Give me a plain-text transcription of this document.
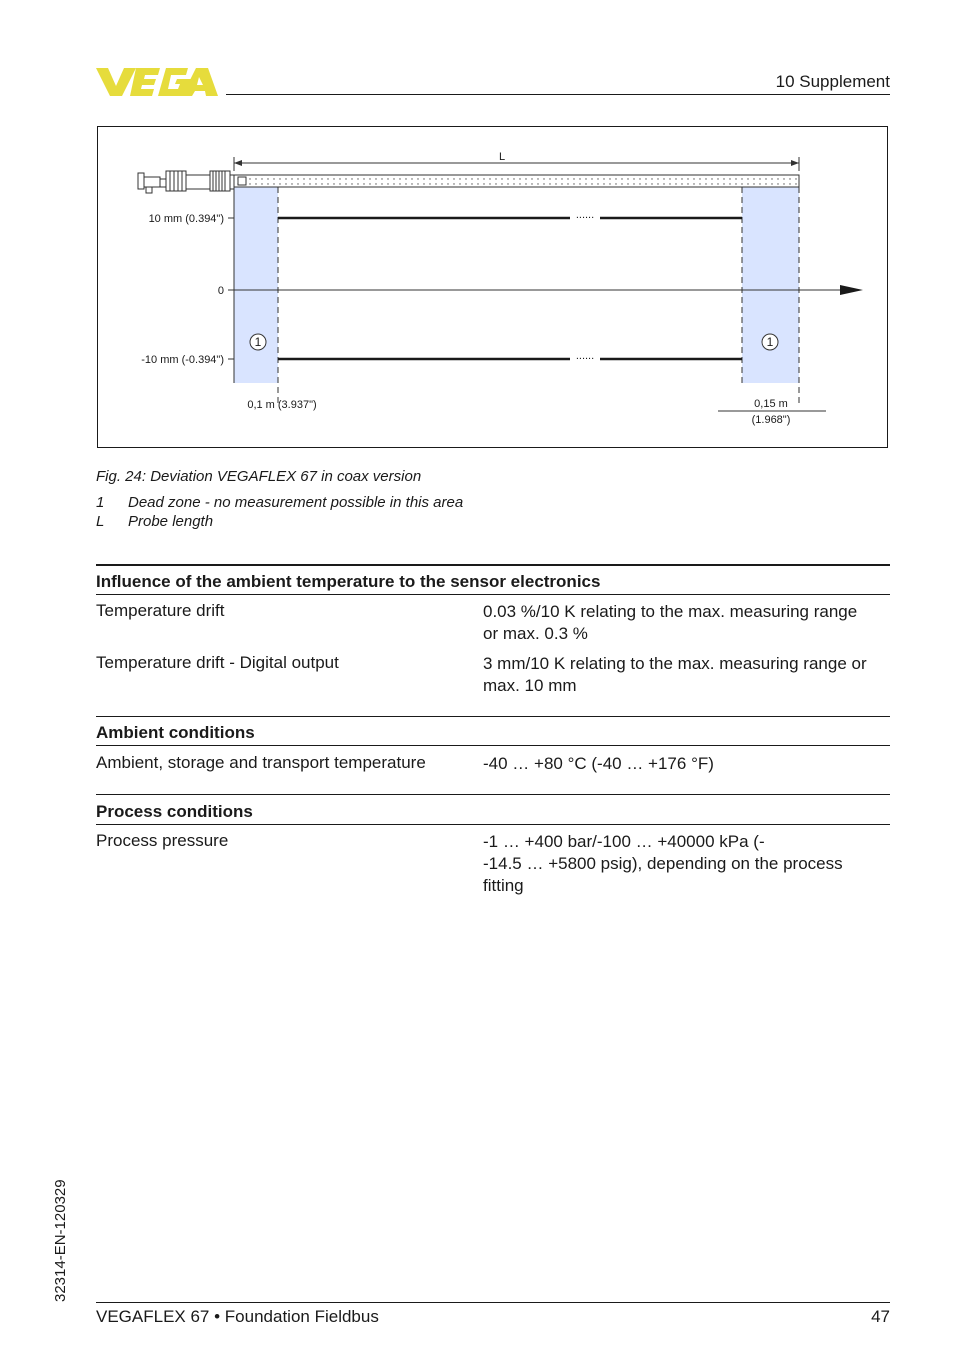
10 Supplement
L
......
......
10 mm (0.394")
0
-10 mm (-0.394")
1	1
0,1 m (3.937")	0,15 m
(1.968")
Fig. 24: Deviation VEGAFLEX 67 in coax version
1 Dead zone - no measurement possible in this area
L Probe length
Influence of the ambient temperature to the sensor electronics
Temperature drift	0.03 %/10 K relating to the max. measuring range
or max. 0.3 %
Temperature drift - Digital output	3 mm/10 K relating to the max. measuring range or
max. 10 mm
Ambient conditions
Ambient, storage and transport temperature	-40 … +80 °C (-40 … +176 °F)
Process conditions
Process pressure	-1 … +400 bar/-100 … +40000 kPa (-
-14.5 … +5800 psig), depending on the process
fitting
32314-EN-120329
VEGAFLEX 67 • Foundation Fieldbus	47
